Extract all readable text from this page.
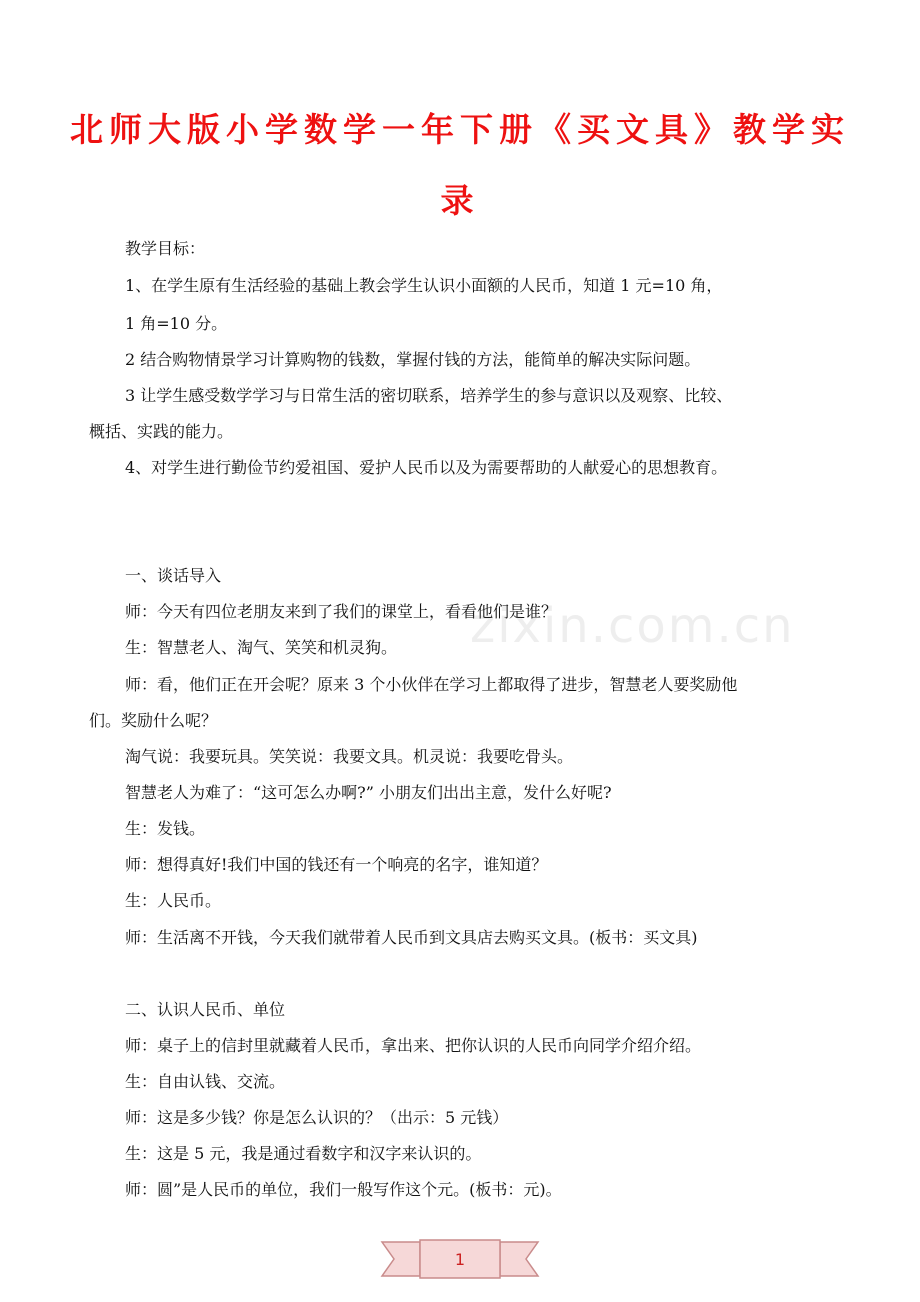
北师大版小学数学一年下册《买文具》教学实
录

教学目标：

1、在学生原有生活经验的基础上教会学生认识小面额的人民币，知道 1 元=10 角，

1 角=10 分。

2 结合购物情景学习计算购物的钱数，掌握付钱的方法，能简单的解决实际问题。

3 让学生感受数学学习与日常生活的密切联系，培养学生的参与意识以及观察、比较、

概括、实践的能力。

4、对学生进行勤俭节约爱祖国、爱护人民币以及为需要帮助的人献爱心的思想教育。

一、谈话导入

师：今天有四位老朋友来到了我们的课堂上，看看他们是谁？

生：智慧老人、淘气、笑笑和机灵狗。

师：看，他们正在开会呢？原来 3 个小伙伴在学习上都取得了进步，智慧老人要奖励他

们。奖励什么呢？

淘气说：我要玩具。笑笑说：我要文具。机灵说：我要吃骨头。

智慧老人为难了：“这可怎么办啊?” 小朋友们出出主意，发什么好呢?

生：发钱。

师：想得真好!我们中国的钱还有一个响亮的名字，谁知道？

生：人民币。

师：生活离不开钱，今天我们就带着人民币到文具店去购买文具。(板书：买文具)

二、认识人民币、单位

师：桌子上的信封里就藏着人民币，拿出来、把你认识的人民币向同学介绍介绍。

生：自由认钱、交流。

师：这是多少钱？你是怎么认识的？（出示：5 元钱）

生：这是 5 元，我是通过看数字和汉字来认识的。

师：圆”是人民币的单位，我们一般写作这个元。(板书：元)。

zixin.com.cn
1
